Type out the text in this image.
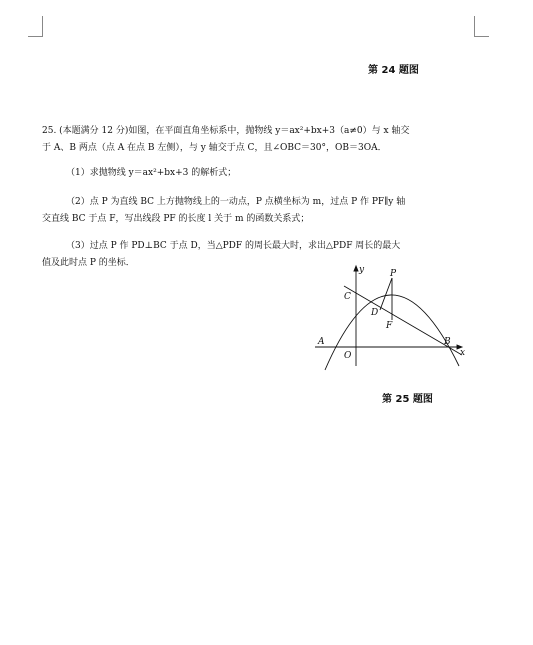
第 24 题图
25. (本题满分 12 分)如图，在平面直角坐标系中，抛物线 y＝ax²+bx+3（a≠0）与 x 轴交
于 A、B 两点（点 A 在点 B 左侧），与 y 轴交于点 C，且∠OBC＝30°，OB＝3OA．
（1）求抛物线 y＝ax²+bx+3 的解析式；
（2）点 P 为直线 BC 上方抛物线上的一动点，P 点横坐标为 m，过点 P 作 PF∥y 轴
交直线 BC 于点 F，写出线段 PF 的长度 l 关于 m 的函数关系式；
（3）过点 P 作 PD⊥BC 于点 D，当△PDF 的周长最大时，求出△PDF 周长的最大
值及此时点 P 的坐标．
y
x
P
C
D
F
A
O
B
第 25 题图
